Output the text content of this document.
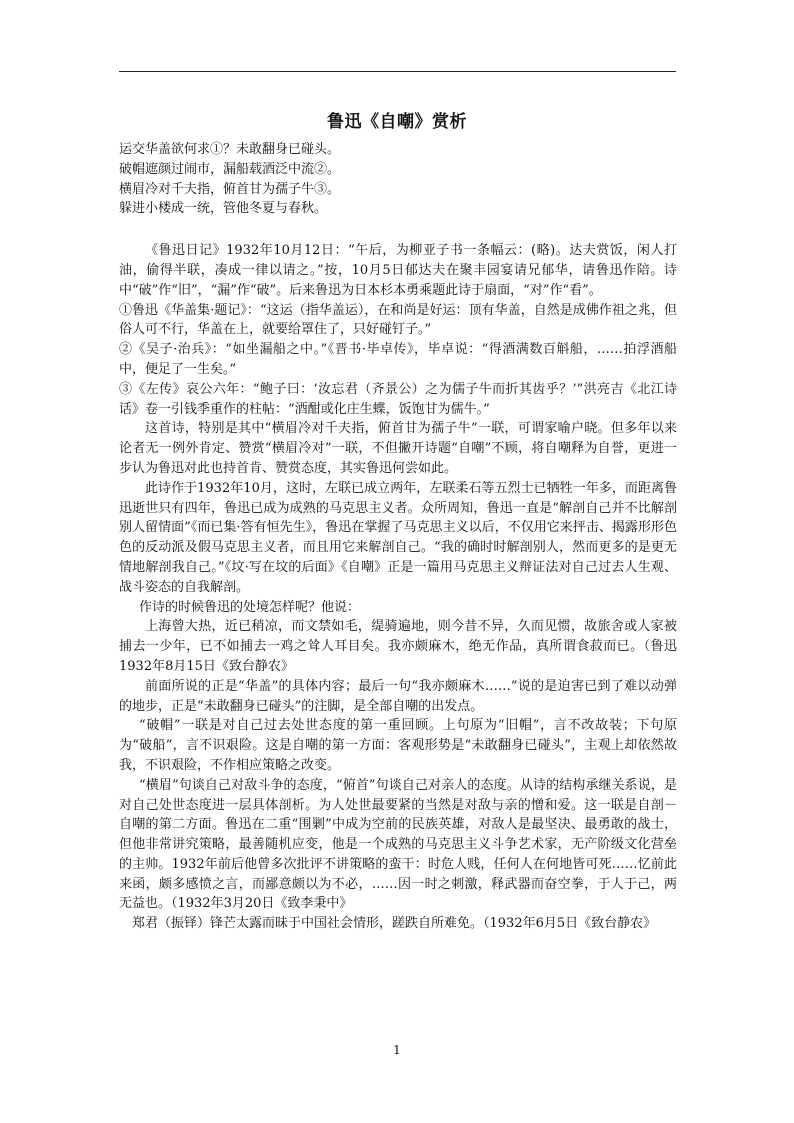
鲁迅《自嘲》赏析

运交华盖欲何求①？未敢翻身已碰头。

破帽遮颜过闹市，漏船载酒泛中流②。

横眉冷对千夫指，俯首甘为孺子牛③。

躲进小楼成一统，管他冬夏与春秋。

《鲁迅日记》1932年10月12日：“午后，为柳亚子书一条幅云：(略)。达夫赏饭，闲人打油，偷得半联，凑成一律以请之。”按，10月5日郁达夫在聚丰园宴请兄郁华，请鲁迅作陪。诗中“破”作“旧”，“漏”作“破”。后来鲁迅为日本杉本勇乘题此诗于扇面，“对”作“看”。

①鲁迅《华盖集·题记》：“这运（指华盖运），在和尚是好运：顶有华盖，自然是成佛作祖之兆，但俗人可不行，华盖在上，就要给罩住了，只好碰钉子。”

②《吴子·治兵》：“如坐漏船之中。”《晋书·毕卓传》，毕卓说：“得酒满数百斛船，……拍浮酒船中，便足了一生矣。”

③《左传》哀公六年：“鲍子曰：‘汝忘君（齐景公）之为儒子牛而折其齿乎？’”洪亮吉《北江诗话》卷一引钱季重作的柱帖：“酒酣或化庄生蝶，饭饱甘为儒牛。”

这首诗，特别是其中“横眉冷对千夫指，俯首甘为孺子牛”一联，可谓家喻户晓。但多年以来论者无一例外肯定、赞赏“横眉冷对”一联，不但撇开诗题“自嘲”不顾，将自嘲释为自誉，更进一步认为鲁迅对此也持首肯、赞赏态度，其实鲁迅何尝如此。

此诗作于1932年10月，这时，左联已成立两年，左联柔石等五烈士已牺牲一年多，而距离鲁迅逝世只有四年，鲁迅已成为成熟的马克思主义者。众所周知，鲁迅一直是“解剖自己并不比解剖别人留情面”《而已集·答有恒先生》，鲁迅在掌握了马克思主义以后，不仅用它来抨击、揭露形形色色的反动派及假马克思主义者，而且用它来解剖自己。“我的确时时解剖别人，然而更多的是更无情地解剖我自己。”《坟·写在坟的后面》《自嘲》正是一篇用马克思主义辩证法对自己过去人生观、战斗姿态的自我解剖。

作诗的时候鲁迅的处境怎样呢？他说：

上海曾大热，近已稍凉，而文禁如毛，缇骑遍地，则今昔不异，久而见惯，故旅舍或人家被捕去一少年，已不如捕去一鸡之耸人耳目矣。我亦颇麻木，绝无作品，真所谓食菽而已。（鲁迅1932年8月15日《致台静农》

前面所说的正是“华盖”的具体内容；最后一句“我亦颇麻木……”说的是迫害已到了难以动弹的地步，正是“未敢翻身已碰头”的注脚，是全部自嘲的出发点。

“破帽”一联是对自己过去处世态度的第一重回顾。上句原为“旧帽”，言不改故装；下句原为“破船”，言不识艰险。这是自嘲的第一方面：客观形势是“未敢翻身已碰头”，主观上却依然故我，不识艰险，不作相应策略之改变。

“横眉”句谈自己对敌斗争的态度，“俯首”句谈自己对亲人的态度。从诗的结构承继关系说，是对自己处世态度进一层具体剖析。为人处世最要紧的当然是对敌与亲的憎和爱。这一联是自剖－自嘲的第二方面。鲁迅在二重“围剿”中成为空前的民族英雄，对敌人是最坚决、最勇敢的战士，但他非常讲究策略，最善随机应变，他是一个成熟的马克思主义斗争艺术家，无产阶级文化营垒的主帅。1932年前后他曾多次批评不讲策略的蛮干：时危人贱，任何人在何地皆可死……忆前此来函，颇多感愤之言，而鄙意颇以为不必，……因一时之刺激，释武器而奋空拳，于人于己，两无益也。（1932年3月20日《致李秉中》

郑君（振铎）锋芒太露而昧于中国社会情形，蹉跌自所难免。（1932年6月5日《致台静农》

1
